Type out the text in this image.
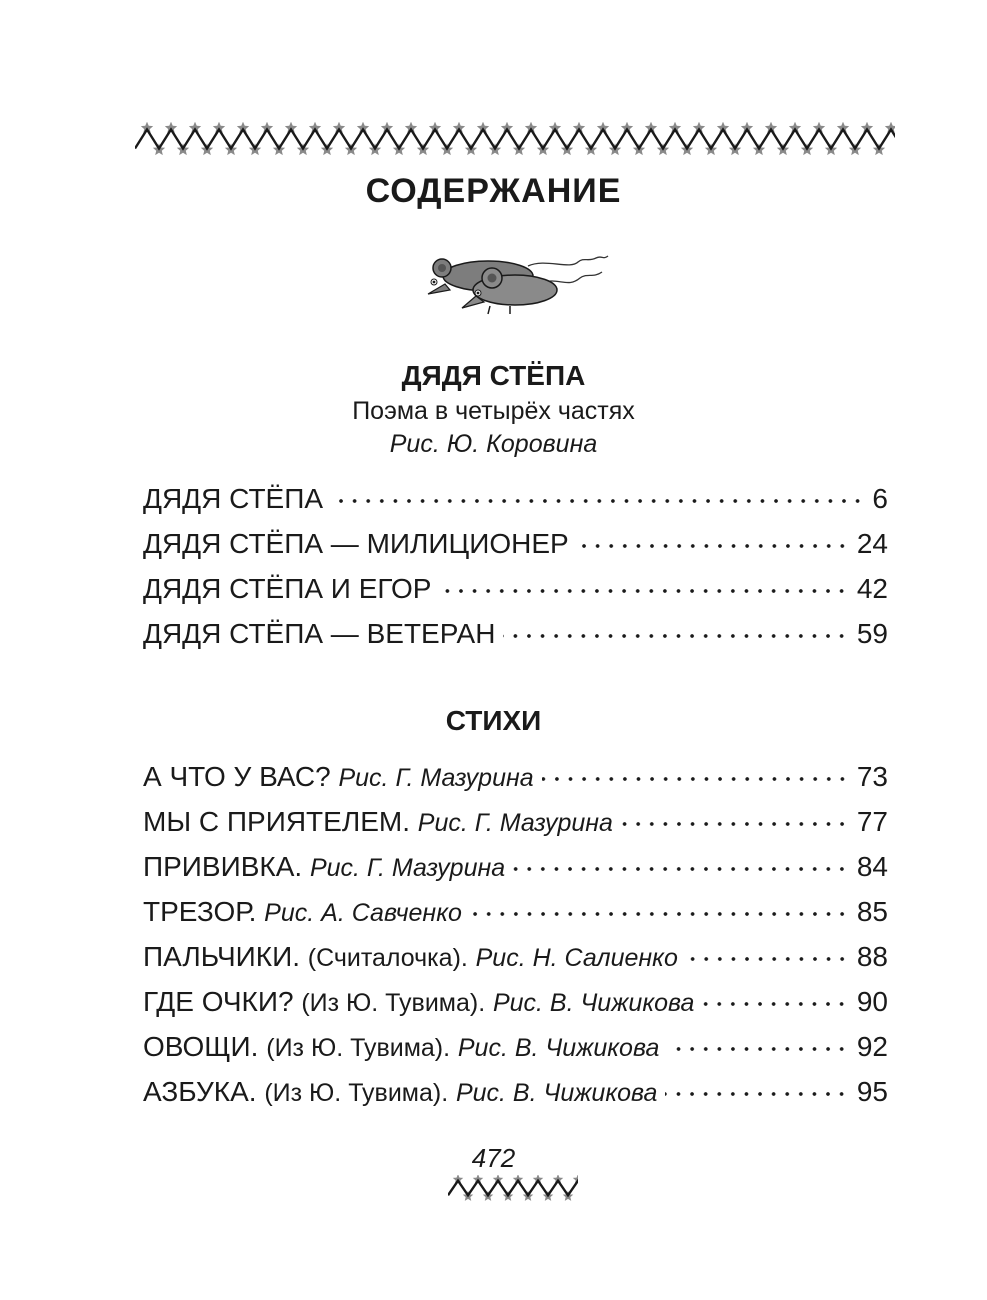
СОДЕРЖАНИЕ
ДЯДЯ СТЁПА
Поэма в четырёх частях
Рис. Ю. Коровина
ДЯДЯ СТЁПА	6
ДЯДЯ СТЁПА — МИЛИЦИОНЕР	24
ДЯДЯ СТЁПА И ЕГОР	42
ДЯДЯ СТЁПА — ВЕТЕРАН	59
СТИХИ
А ЧТО У ВАС? Рис. Г. Мазурина	73
МЫ С ПРИЯТЕЛЕМ. Рис. Г. Мазурина	77
ПРИВИВКА. Рис. Г. Мазурина	84
ТРЕЗОР. Рис. А. Савченко	85
ПАЛЬЧИКИ. (Считалочка). Рис. Н. Салиенко	88
ГДЕ ОЧКИ? (Из Ю. Тувима). Рис. В. Чижикова	90
ОВОЩИ. (Из Ю. Тувима). Рис. В. Чижикова	92
АЗБУКА. (Из Ю. Тувима). Рис. В. Чижикова	95
472
